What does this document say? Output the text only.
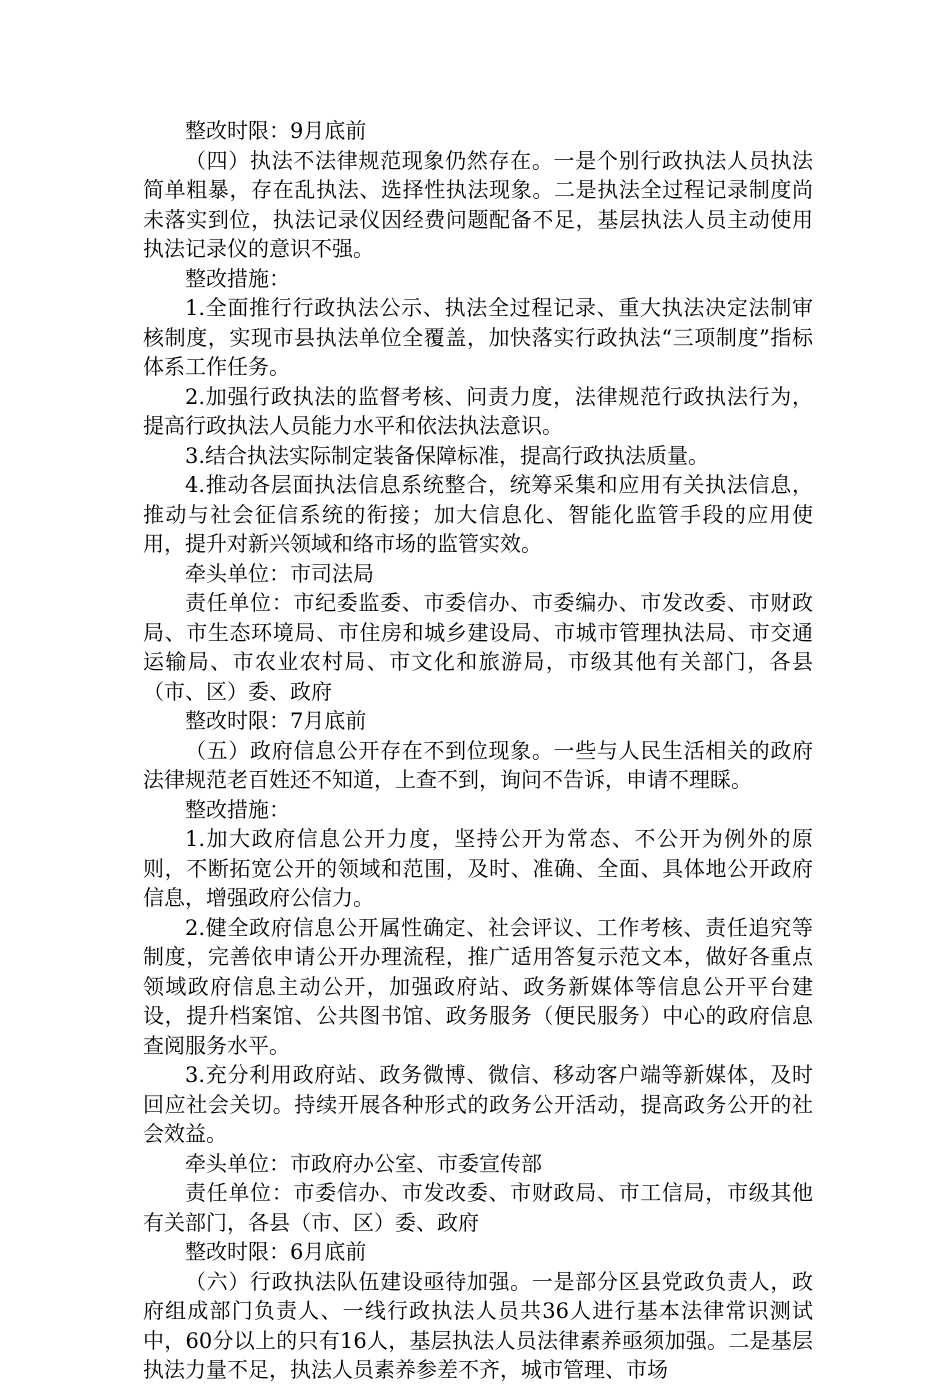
整改时限：9月底前

（四）执法不法律规范现象仍然存在。一是个别行政执法人员执法简单粗暴，存在乱执法、选择性执法现象。二是执法全过程记录制度尚未落实到位，执法记录仪因经费问题配备不足，基层执法人员主动使用执法记录仪的意识不强。

整改措施：

1.全面推行行政执法公示、执法全过程记录、重大执法决定法制审核制度，实现市县执法单位全覆盖，加快落实行政执法“三项制度”指标体系工作任务。

2.加强行政执法的监督考核、问责力度，法律规范行政执法行为，提高行政执法人员能力水平和依法执法意识。

3.结合执法实际制定装备保障标准，提高行政执法质量。

4.推动各层面执法信息系统整合，统筹采集和应用有关执法信息，推动与社会征信系统的衔接；加大信息化、智能化监管手段的应用使用，提升对新兴领域和络市场的监管实效。

牵头单位：市司法局

责任单位：市纪委监委、市委信办、市委编办、市发改委、市财政局、市生态环境局、市住房和城乡建设局、市城市管理执法局、市交通运输局、市农业农村局、市文化和旅游局，市级其他有关部门，各县（市、区）委、政府

整改时限：7月底前

（五）政府信息公开存在不到位现象。一些与人民生活相关的政府法律规范老百姓还不知道，上查不到，询问不告诉，申请不理睬。

整改措施：

1.加大政府信息公开力度，坚持公开为常态、不公开为例外的原则，不断拓宽公开的领域和范围，及时、准确、全面、具体地公开政府信息，增强政府公信力。

2.健全政府信息公开属性确定、社会评议、工作考核、责任追究等制度，完善依申请公开办理流程，推广适用答复示范文本，做好各重点领域政府信息主动公开，加强政府站、政务新媒体等信息公开平台建设，提升档案馆、公共图书馆、政务服务（便民服务）中心的政府信息查阅服务水平。

3.充分利用政府站、政务微博、微信、移动客户端等新媒体，及时回应社会关切。持续开展各种形式的政务公开活动，提高政务公开的社会效益。

牵头单位：市政府办公室、市委宣传部

责任单位：市委信办、市发改委、市财政局、市工信局，市级其他有关部门，各县（市、区）委、政府

整改时限：6月底前

（六）行政执法队伍建设亟待加强。一是部分区县党政负责人，政府组成部门负责人、一线行政执法人员共36人进行基本法律常识测试中，60分以上的只有16人，基层执法人员法律素养亟须加强。二是基层执法力量不足，执法人员素养参差不齐，城市管理、市场
